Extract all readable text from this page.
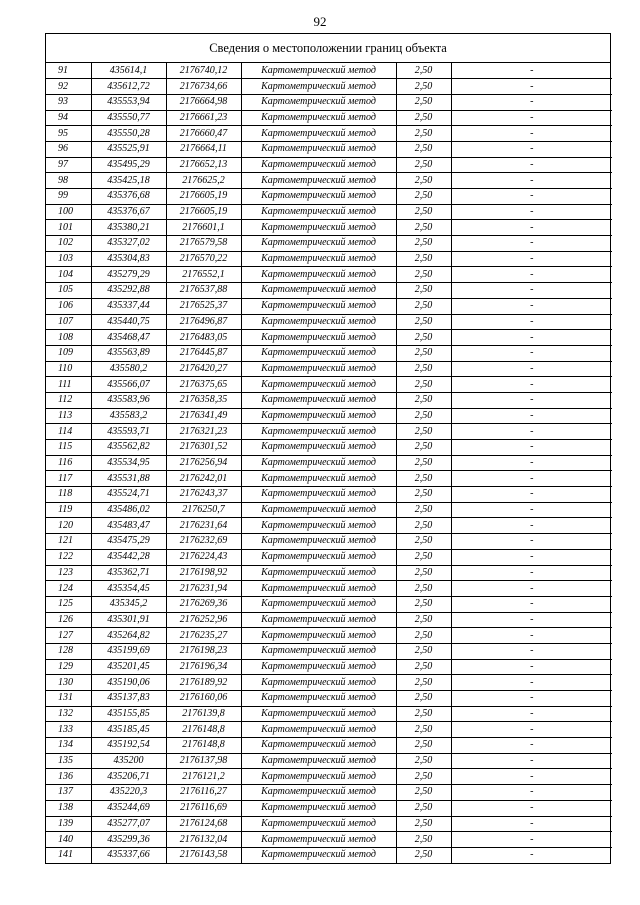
92
Сведения о местоположении границ объекта
91	435614,1	2176740,12	Картометрический метод	2,50	-
92	435612,72	2176734,66	Картометрический метод	2,50	-
93	435553,94	2176664,98	Картометрический метод	2,50	-
94	435550,77	2176661,23	Картометрический метод	2,50	-
95	435550,28	2176660,47	Картометрический метод	2,50	-
96	435525,91	2176664,11	Картометрический метод	2,50	-
97	435495,29	2176652,13	Картометрический метод	2,50	-
98	435425,18	2176625,2	Картометрический метод	2,50	-
99	435376,68	2176605,19	Картометрический метод	2,50	-
100	435376,67	2176605,19	Картометрический метод	2,50	-
101	435380,21	2176601,1	Картометрический метод	2,50	-
102	435327,02	2176579,58	Картометрический метод	2,50	-
103	435304,83	2176570,22	Картометрический метод	2,50	-
104	435279,29	2176552,1	Картометрический метод	2,50	-
105	435292,88	2176537,88	Картометрический метод	2,50	-
106	435337,44	2176525,37	Картометрический метод	2,50	-
107	435440,75	2176496,87	Картометрический метод	2,50	-
108	435468,47	2176483,05	Картометрический метод	2,50	-
109	435563,89	2176445,87	Картометрический метод	2,50	-
110	435580,2	2176420,27	Картометрический метод	2,50	-
111	435566,07	2176375,65	Картометрический метод	2,50	-
112	435583,96	2176358,35	Картометрический метод	2,50	-
113	435583,2	2176341,49	Картометрический метод	2,50	-
114	435593,71	2176321,23	Картометрический метод	2,50	-
115	435562,82	2176301,52	Картометрический метод	2,50	-
116	435534,95	2176256,94	Картометрический метод	2,50	-
117	435531,88	2176242,01	Картометрический метод	2,50	-
118	435524,71	2176243,37	Картометрический метод	2,50	-
119	435486,02	2176250,7	Картометрический метод	2,50	-
120	435483,47	2176231,64	Картометрический метод	2,50	-
121	435475,29	2176232,69	Картометрический метод	2,50	-
122	435442,28	2176224,43	Картометрический метод	2,50	-
123	435362,71	2176198,92	Картометрический метод	2,50	-
124	435354,45	2176231,94	Картометрический метод	2,50	-
125	435345,2	2176269,36	Картометрический метод	2,50	-
126	435301,91	2176252,96	Картометрический метод	2,50	-
127	435264,82	2176235,27	Картометрический метод	2,50	-
128	435199,69	2176198,23	Картометрический метод	2,50	-
129	435201,45	2176196,34	Картометрический метод	2,50	-
130	435190,06	2176189,92	Картометрический метод	2,50	-
131	435137,83	2176160,06	Картометрический метод	2,50	-
132	435155,85	2176139,8	Картометрический метод	2,50	-
133	435185,45	2176148,8	Картометрический метод	2,50	-
134	435192,54	2176148,8	Картометрический метод	2,50	-
135	435200	2176137,98	Картометрический метод	2,50	-
136	435206,71	2176121,2	Картометрический метод	2,50	-
137	435220,3	2176116,27	Картометрический метод	2,50	-
138	435244,69	2176116,69	Картометрический метод	2,50	-
139	435277,07	2176124,68	Картометрический метод	2,50	-
140	435299,36	2176132,04	Картометрический метод	2,50	-
141	435337,66	2176143,58	Картометрический метод	2,50	-
